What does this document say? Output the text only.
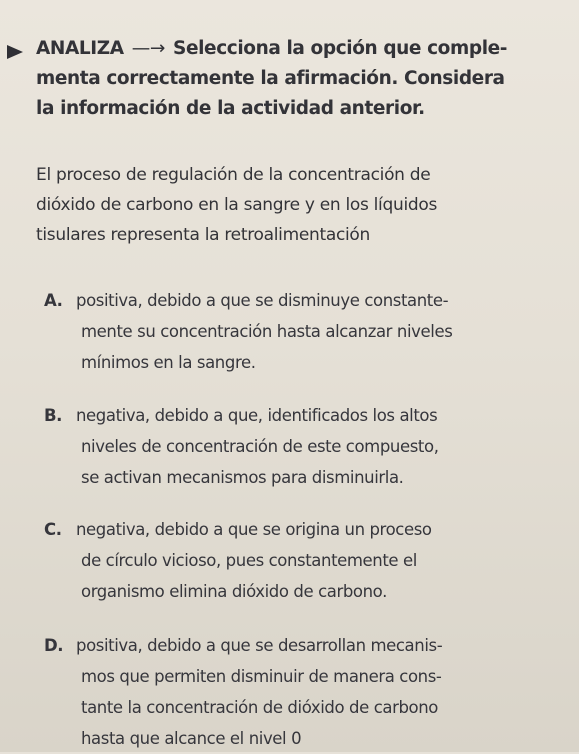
ANALIZA —→ Selecciona la opción que comple-
menta correctamente la afirmación. Considera
la información de la actividad anterior.
El proceso de regulación de la concentración de
dióxido de carbono en la sangre y en los líquidos
tisulares representa la retroalimentación
A. positiva, debido a que se disminuye constante-
mente su concentración hasta alcanzar niveles
mínimos en la sangre.
B. negativa, debido a que, identificados los altos
niveles de concentración de este compuesto,
se activan mecanismos para disminuirla.
C. negativa, debido a que se origina un proceso
de círculo vicioso, pues constantemente el
organismo elimina dióxido de carbono.
D. positiva, debido a que se desarrollan mecanis-
mos que permiten disminuir de manera cons-
tante la concentración de dióxido de carbono
hasta que alcance el nivel 0
